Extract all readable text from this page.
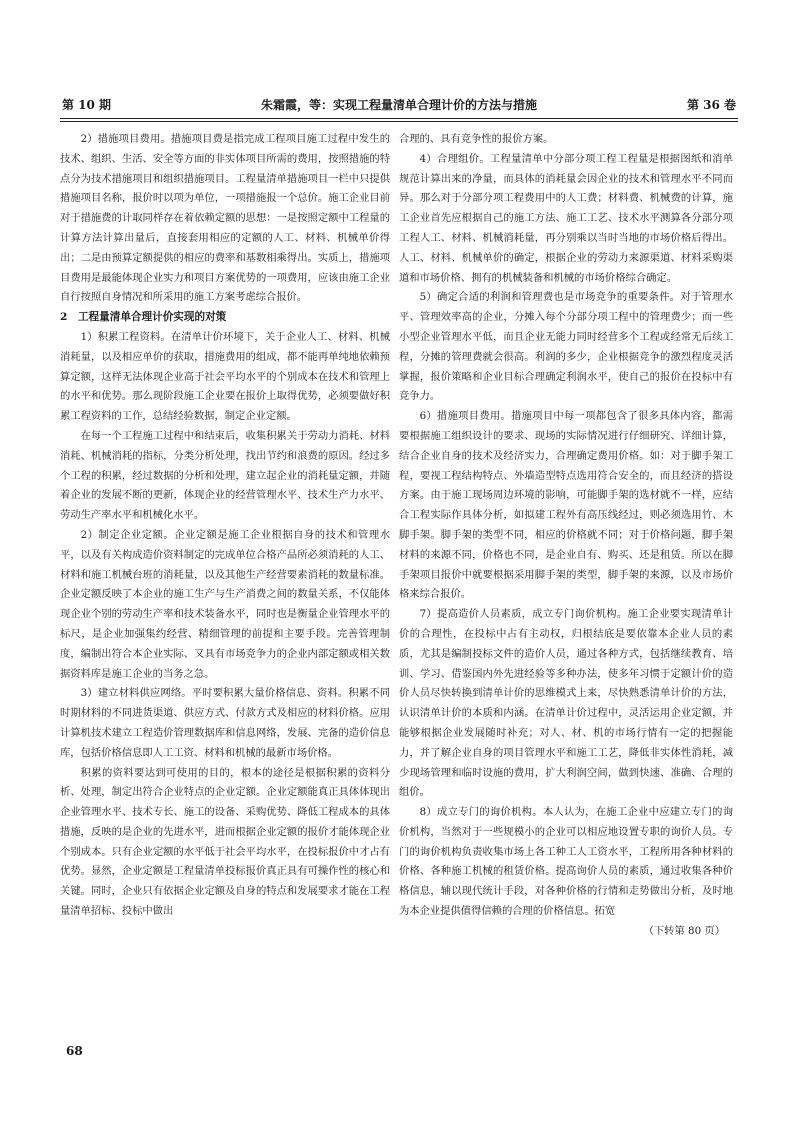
第 10 期	朱霜霞，等：实现工程量清单合理计价的方法与措施	第 36 卷

2）措施项目费用。措施项目费是指完成工程项目施工过程中发生的技术、组织、生活、安全等方面的非实体项目所需的费用，按照措施的特点分为技术措施项目和组织措施项目。工程量清单措施项目一栏中只提供措施项目名称，报价时以项为单位，一项措施报一个总价。施工企业目前对于措施费的计取同样存在着依赖定额的思想：一是按照定额中工程量的计算方法计算出量后，直接套用相应的定额的人工、材料、机械单价得出；二是由预算定额提供的相应的费率和基数相乘得出。实质上，措施项目费用是最能体现企业实力和项目方案优势的一项费用，应该由施工企业自行按照自身情况和所采用的施工方案考虑综合报价。

2　工程量清单合理计价实现的对策

1）积累工程资料。在清单计价环境下，关于企业人工、材料、机械消耗量，以及相应单价的获取，措施费用的组成，都不能再单纯地依赖预算定额，这样无法体现企业高于社会平均水平的个别成本在技术和管理上的水平和优势。那么现阶段施工企业要在报价上取得优势，必须要做好积累工程资料的工作，总结经验数据，制定企业定额。

在每一个工程施工过程中和结束后，收集积累关于劳动力消耗、材料消耗、机械消耗的指标，分类分析处理，找出节约和浪费的原因。经过多个工程的积累，经过数据的分析和处理，建立起企业的消耗量定额，并随着企业的发展不断的更新，体现企业的经营管理水平、技术生产力水平、劳动生产率水平和机械化水平。

2）制定企业定额。企业定额是施工企业根据自身的技术和管理水平，以及有关构成造价资料制定的完成单位合格产品所必须消耗的人工、材料和施工机械台班的消耗量，以及其他生产经营要素消耗的数量标准。企业定额反映了本企业的施工生产与生产消费之间的数量关系，不仅能体现企业个别的劳动生产率和技术装备水平，同时也是衡量企业管理水平的标尺，是企业加强集约经营、精细管理的前提和主要手段。完善管理制度，编制出符合本企业实际、又具有市场竞争力的企业内部定额或相关数据资料库是施工企业的当务之急。

3）建立材料供应网络。平时要积累大量价格信息、资料。积累不同时期材料的不同进货渠道、供应方式、付款方式及相应的材料价格。应用计算机技术建立工程造价管理数据库和信息网络，发展、完备的造价信息库，包括价格信息即人工工资、材料和机械的最新市场价格。

积累的资料要达到可使用的目的，根本的途径是根据积累的资料分析、处理，制定出符合企业特点的企业定额。企业定额能真正具体体现出企业管理水平、技术专长、施工的设备、采购优势、降低工程成本的具体措施，反映的是企业的先进水平，进而根据企业定额的报价才能体现企业个别成本。只有企业定额的水平低于社会平均水平，在投标报价中才占有优势。显然，企业定额是工程量清单投标报价真正具有可操作性的核心和关键。同时，企业只有依据企业定额及自身的特点和发展要求才能在工程量清单招标、投标中做出

合理的、具有竞争性的报价方案。

4）合理组价。工程量清单中分部分项工程工程量是根据图纸和消单规范计算出来的净量，而具体的消耗量会因企业的技术和管理水平不同而异。那么对于分部分项工程费用中的人工费；材料费、机械费的计算，施工企业首先应根据自己的施工方法、施工工艺、技术水平测算各分部分项工程人工、材料、机械消耗量，再分别乘以当时当地的市场价格后得出。人工、材料、机械单价的确定，根据企业的劳动力来源渠道、材料采购渠道和市场价格、拥有的机械装备和机械的市场价格综合确定。

5）确定合适的利润和管理费也是市场竞争的重要条件。对于管理水平、管理效率高的企业，分摊入每个分部分项工程中的管理费少；而一些小型企业管理水平低，而且企业无能力同时经营多个工程或经常无后续工程，分摊的管理费就会很高。利润的多少，企业根据竞争的激烈程度灵活掌握，报价策略和企业目标合理确定利润水平，使自己的报价在投标中有竞争力。

6）措施项目费用。措施项目中每一项都包含了很多具体内容，都需要根据施工组织设计的要求、现场的实际情况进行仔细研究、详细计算，结合企业自身的技术及经济实力，合理确定费用价格。如：对于脚手架工程，要视工程结构特点、外墙造型特点选用符合安全的，而且经济的搭设方案。由于施工现场周边环境的影响，可能脚手架的选材就不一样，应结合工程实际作具体分析，如拟建工程外有高压线经过，则必须选用竹、木脚手架。脚手架的类型不同，相应的价格就不同；对于价格问题，脚手架材料的来源不同，价格也不同，是企业自有、购买、还是租赁。所以在脚手架项目报价中就要根据采用脚手架的类型，脚手架的来源，以及市场价格来综合报价。

7）提高造价人员素质，成立专门询价机构。施工企业要实现清单计价的合理性，在投标中占有主动权，归根结底是要依靠本企业人员的素质，尤其是编制投标文件的造价人员，通过各种方式，包括继续教育、培训、学习、借鉴国内外先进经验等多种办法，使多年习惯于定额计价的造价人员尽快转换到清单计价的思维模式上来，尽快熟悉清单计价的方法，认识清单计价的本质和内涵。在清单计价过程中，灵活运用企业定额，并能够根据企业发展随时补充；对人、材、机的市场行情有一定的把握能力，并了解企业自身的项目管理水平和施工工艺，降低非实体性消耗，减少现场管理和临时设施的费用，扩大利润空间，做到快速、准确、合理的组价。

8）成立专门的询价机构。本人认为，在施工企业中应建立专门的询价机构，当然对于一些规模小的企业可以相应地设置专职的询价人员。专门的询价机构负责收集市场上各工种工人工资水平，工程所用各种材料的价格、各种施工机械的租赁价格。提高询价人员的素质，通过收集各种价格信息，辅以现代统计手段，对各种价格的行情和走势做出分析，及时地为本企业提供值得信赖的合理的价格信息。拓宽

（下转第 80 页）
68
